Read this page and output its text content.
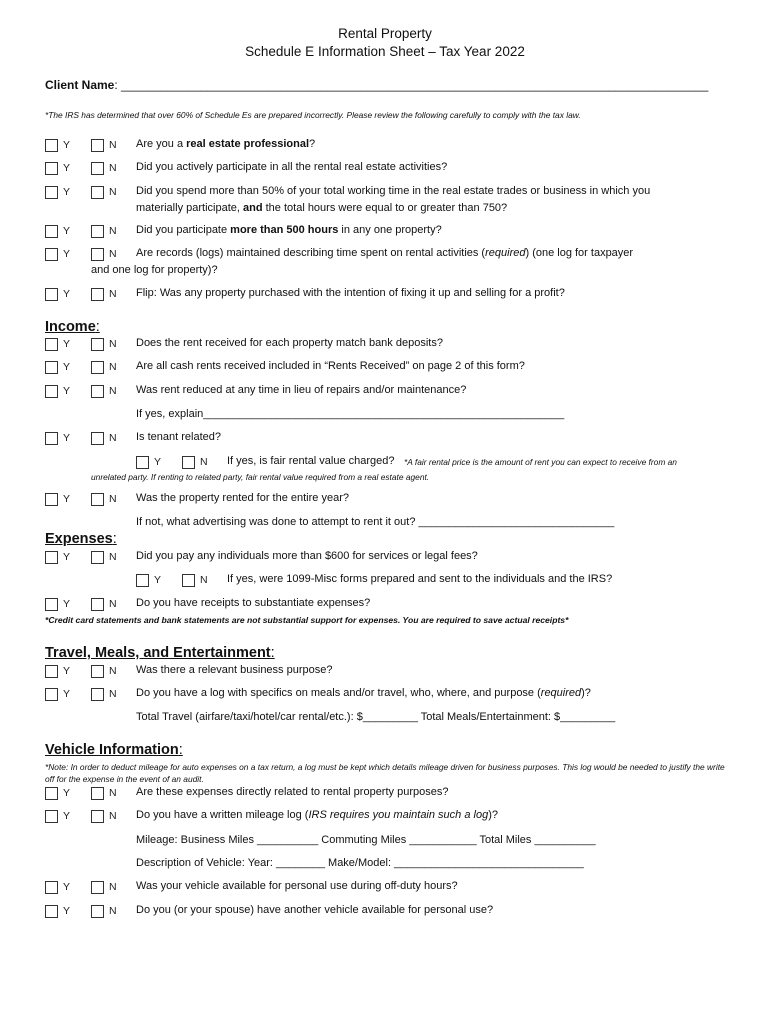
Rental Property
Schedule E Information Sheet – Tax Year 2022
Client Name: ________________________________________________________________________________________
*The IRS has determined that over 60% of Schedule Es are prepared incorrectly. Please review the following carefully to comply with the tax law.
Y	N Are you a real estate professional?
Y	N Did you actively participate in all the rental real estate activities?
Y	N Did you spend more than 50% of your total working time in the real estate trades or business in which you
materially participate, and the total hours were equal to or greater than 750?
Y	N Did you participate more than 500 hours in any one property?
Y	N Are records (logs) maintained describing time spent on rental activities (required) (one log for taxpayer
and one log for property)?
Y	N Flip: Was any property purchased with the intention of fixing it up and selling for a profit?
Income:
Y	N Does the rent received for each property match bank deposits?
Y	N Are all cash rents received included in “Rents Received” on page 2 of this form?
Y	N Was rent reduced at any time in lieu of repairs and/or maintenance?
If yes, explain___________________________________________________________
Y	N Is tenant related?
Y	N If yes, is fair rental value charged? *A fair rental price is the amount of rent you can expect to receive from an
unrelated party. If renting to related party, fair rental value required from a real estate agent.
Y	N Was the property rented for the entire year?
If not, what advertising was done to attempt to rent it out? ________________________________
Expenses:
Y	N Did you pay any individuals more than $600 for services or legal fees?
Y	N If yes, were 1099-Misc forms prepared and sent to the individuals and the IRS?
Y	N Do you have receipts to substantiate expenses?
*Credit card statements and bank statements are not substantial support for expenses. You are required to save actual receipts*
Travel, Meals, and Entertainment:
Y	N Was there a relevant business purpose?
Y	N Do you have a log with specifics on meals and/or travel, who, where, and purpose (required)?
Total Travel (airfare/taxi/hotel/car rental/etc.): $_________ Total Meals/Entertainment: $_________
Vehicle Information:
*Note: In order to deduct mileage for auto expenses on a tax return, a log must be kept which details mileage driven for business purposes. This log would be needed to justify the write off for the expense in the event of an audit.
Y	N Are these expenses directly related to rental property purposes?
Y	N Do you have a written mileage log (IRS requires you maintain such a log)?
Mileage: Business Miles __________ Commuting Miles ___________ Total Miles __________
Description of Vehicle: Year: ________ Make/Model: _______________________________
Y	N Was your vehicle available for personal use during off-duty hours?
Y	N Do you (or your spouse) have another vehicle available for personal use?
